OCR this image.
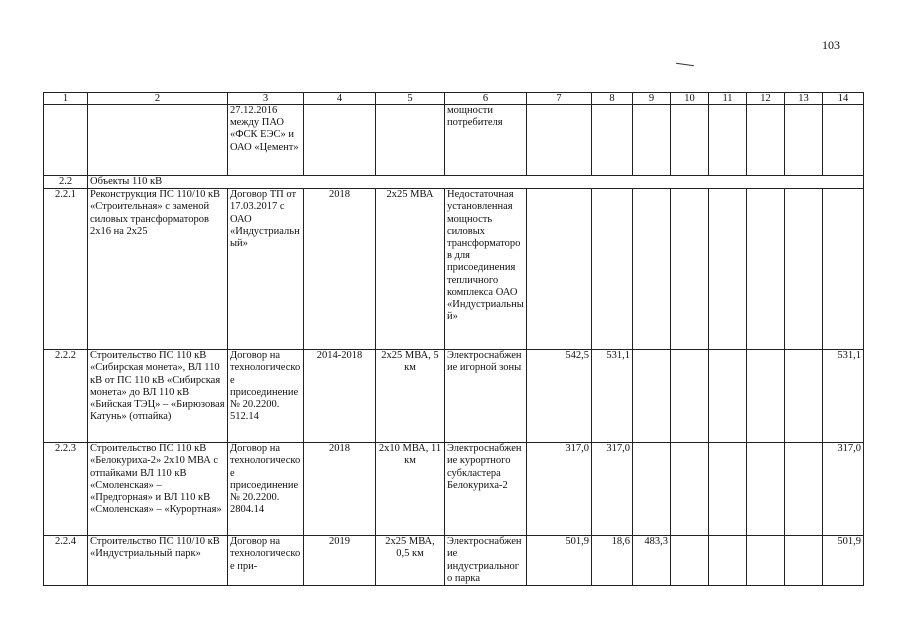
103
1	2	3	4	5	6	7	8	9	10	11	12	13	14
		27.12.2016 между ПАО «ФСК ЕЭС» и ОАО «Цемент»			мощности потребителя								
2.2	Объекты 110 кВ												
2.2.1	Реконструкция ПС 110/10 кВ «Строительная» с заменой силовых трансформаторов 2х16 на 2х25	Договор ТП от 17.03.2017 с ОАО «Индустриальный»	2018	2х25 МВА	Недостаточная установленная мощность силовых трансформаторов для присоединения тепличного комплекса ОАО «Индустриальный»								
2.2.2	Строительство ПС 110 кВ «Сибирская монета», ВЛ 110 кВ от ПС 110 кВ «Сибирская монета» до ВЛ 110 кВ «Бийская ТЭЦ» – «Бирюзовая Катунь» (отпайка)	Договор на технологическое присоединение № 20.2200. 512.14	2014-2018	2х25 МВА, 5 км	Электроснабжение игорной зоны	542,5	531,1						531,1
2.2.3	Строительство ПС 110 кВ «Белокуриха-2» 2х10 МВА с отпайками ВЛ 110 кВ «Смоленская» – «Предгорная» и ВЛ 110 кВ «Смоленская» – «Курортная»	Договор на технологическое присоединение № 20.2200. 2804.14	2018	2х10 МВА, 11 км	Электроснабжение курортного субкластера Белокуриха-2	317,0	317,0						317,0
2.2.4	Строительство ПС 110/10 кВ «Индустриальный парк»	Договор на технологическое при-	2019	2х25 МВА, 0,5 км	Электроснабжение индустриального парка	501,9	18,6	483,3					501,9
